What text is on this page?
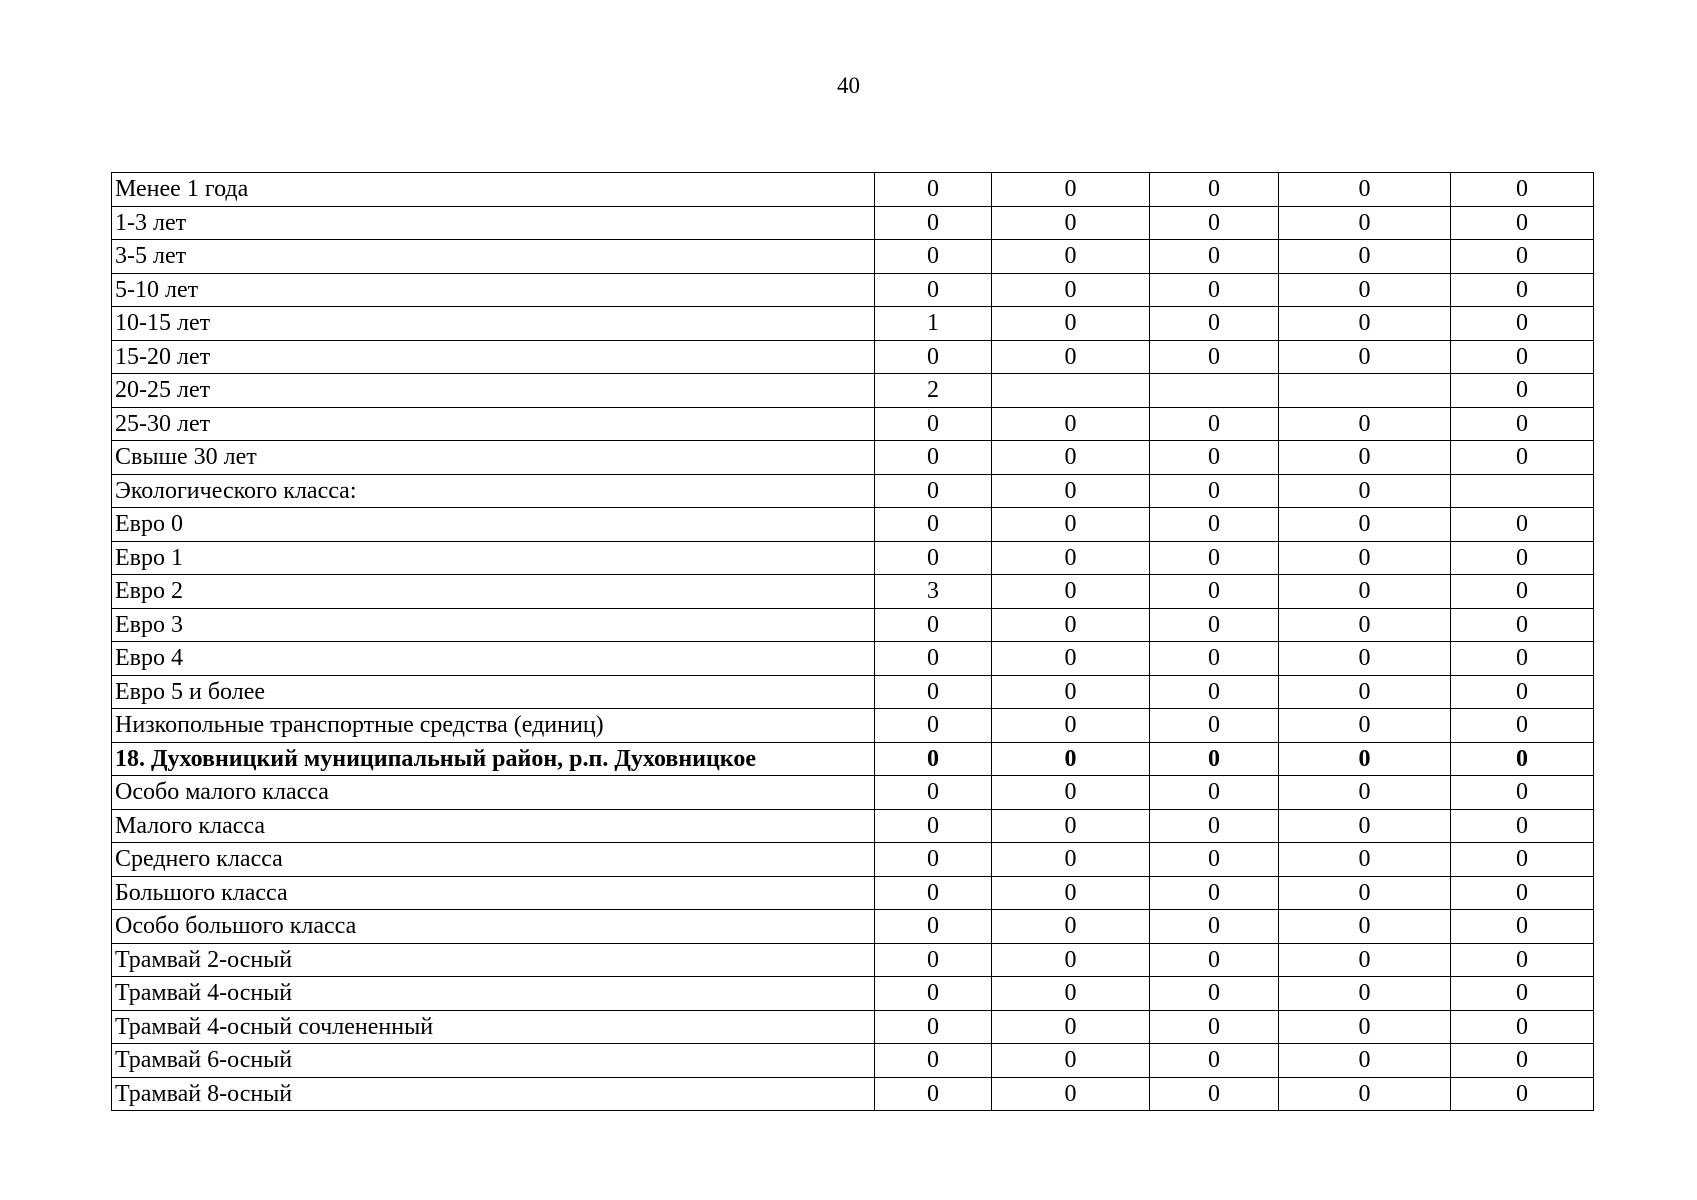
40
Менее 1 года	0	0	0	0	0
1-3 лет	0	0	0	0	0
3-5 лет	0	0	0	0	0
5-10 лет	0	0	0	0	0
10-15 лет	1	0	0	0	0
15-20 лет	0	0	0	0	0
20-25 лет	2				0
25-30 лет	0	0	0	0	0
Свыше 30 лет	0	0	0	0	0
Экологического класса:	0	0	0	0	
Евро 0	0	0	0	0	0
Евро 1	0	0	0	0	0
Евро 2	3	0	0	0	0
Евро 3	0	0	0	0	0
Евро 4	0	0	0	0	0
Евро 5 и более	0	0	0	0	0
Низкопольные транспортные средства (единиц)	0	0	0	0	0
18. Духовницкий муниципальный район, р.п. Духовницкое	0	0	0	0	0
Особо малого класса	0	0	0	0	0
Малого класса	0	0	0	0	0
Среднего класса	0	0	0	0	0
Большого класса	0	0	0	0	0
Особо большого класса	0	0	0	0	0
Трамвай 2-осный	0	0	0	0	0
Трамвай 4-осный	0	0	0	0	0
Трамвай 4-осный сочлененный	0	0	0	0	0
Трамвай 6-осный	0	0	0	0	0
Трамвай 8-осный	0	0	0	0	0
